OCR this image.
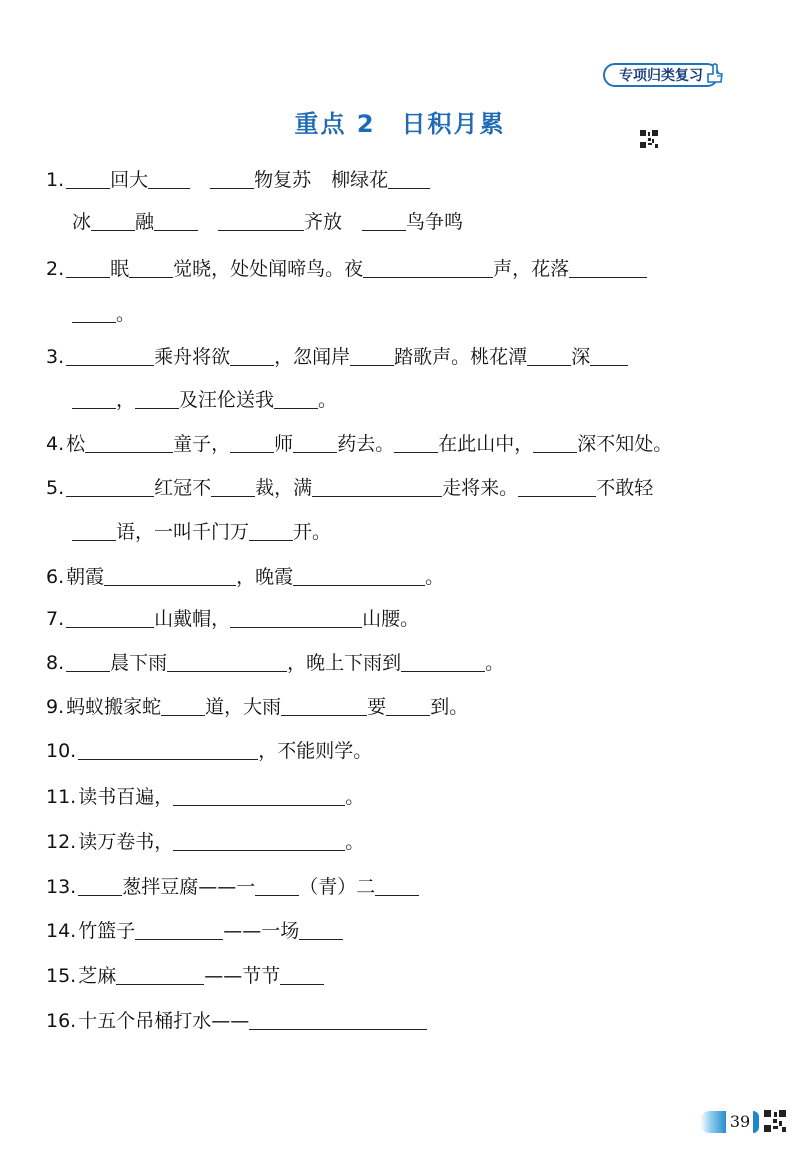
专项归类复习
重点 2 日积月累
1. 回大	物复苏 柳绿花
冰 融	齐放	鸟争鸣
2. 眠 觉晓，处处闻啼鸟。夜	声，花落
。
3.	乘舟将欲 ，忽闻岸 踏歌声。桃花潭 深
， 及汪伦送我 。
4. 松	童子， 师 药去。 在此山中， 深不知处。
5.	红冠不 裁，满	走将来。	不敢轻
语，一叫千门万 开。
6. 朝霞	，晚霞	。
7.	山戴帽，	山腰。
8. 晨下雨	，晚上下雨到	。
9. 蚂蚁搬家蛇 道，大雨	要 到。
10.	，不能则学。
11. 读书百遍，	。
12. 读万卷书，	。
13. 葱拌豆腐——一 （青）二
14. 竹篮子	——一场
15. 芝麻	——节节
16. 十五个吊桶打水——
39
